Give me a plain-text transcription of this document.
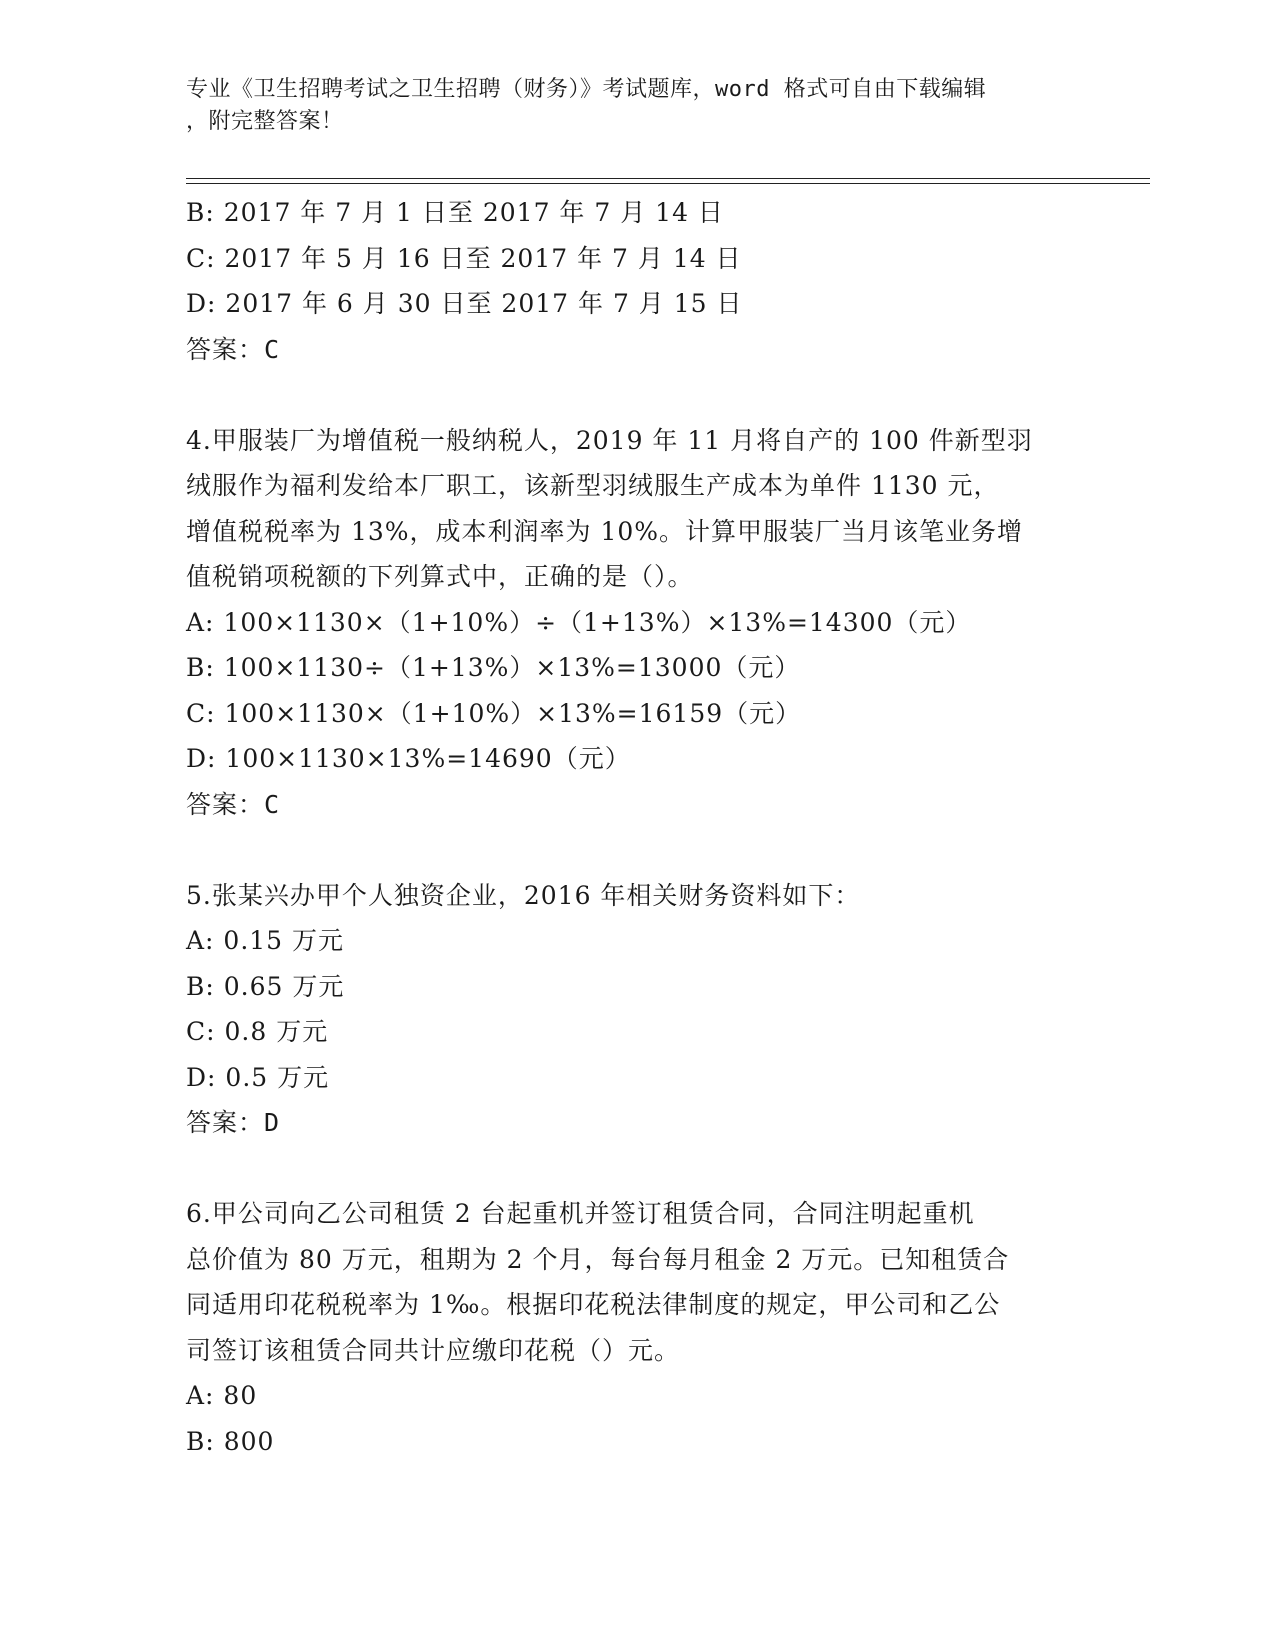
专业《卫生招聘考试之卫生招聘（财务）》考试题库，word 格式可自由下载编辑
，附完整答案！
B: 2017 年 7 月 1 日至 2017 年 7 月 14 日
C: 2017 年 5 月 16 日至 2017 年 7 月 14 日
D: 2017 年 6 月 30 日至 2017 年 7 月 15 日
答案：C
4.甲服装厂为增值税一般纳税人，2019 年 11 月将自产的 100 件新型羽
绒服作为福利发给本厂职工，该新型羽绒服生产成本为单件 1130 元，
增值税税率为 13%，成本利润率为 10%。计算甲服装厂当月该笔业务增
值税销项税额的下列算式中，正确的是（）。
A: 100×1130×（1+10%）÷（1+13%）×13%=14300（元）
B: 100×1130÷（1+13%）×13%=13000（元）
C: 100×1130×（1+10%）×13%=16159（元）
D: 100×1130×13%=14690（元）
答案：C
5.张某兴办甲个人独资企业，2016 年相关财务资料如下：
A: 0.15 万元
B: 0.65 万元
C: 0.8 万元
D: 0.5 万元
答案：D
6.甲公司向乙公司租赁 2 台起重机并签订租赁合同，合同注明起重机
总价值为 80 万元，租期为 2 个月，每台每月租金 2 万元。已知租赁合
同适用印花税税率为 1‰。根据印花税法律制度的规定，甲公司和乙公
司签订该租赁合同共计应缴印花税（）元。
A: 80
B: 800
